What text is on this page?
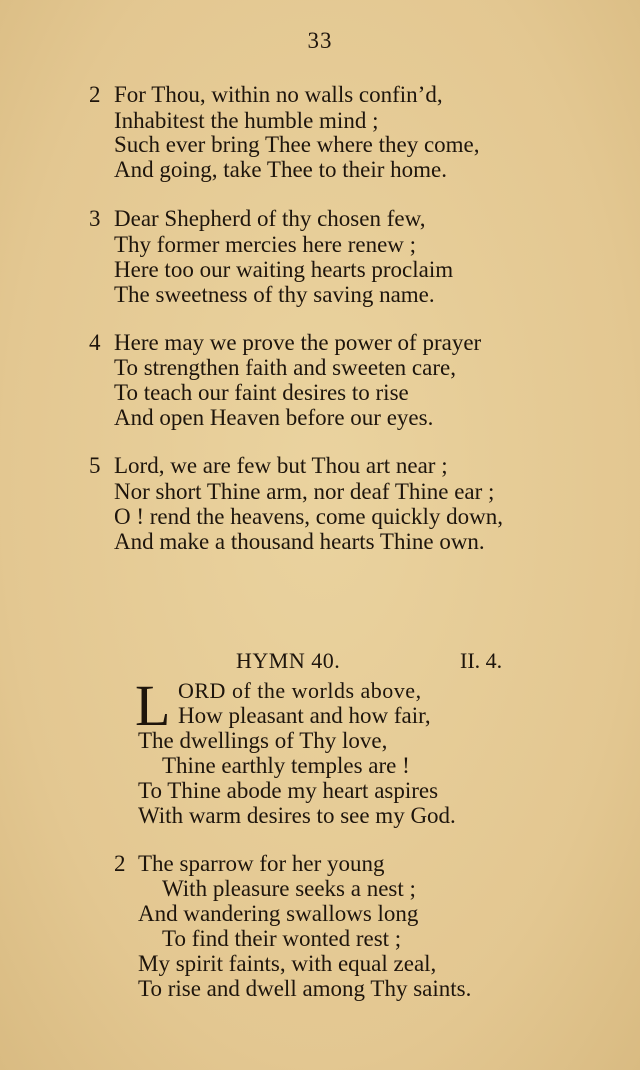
33
2 For Thou, within no walls confin’d,
Inhabitest the humble mind ;
Such ever bring Thee where they come,
And going, take Thee to their home.
3 Dear Shepherd of thy chosen few,
Thy former mercies here renew ;
Here too our waiting hearts proclaim
The sweetness of thy saving name.
4 Here may we prove the power of prayer
To strengthen faith and sweeten care,
To teach our faint desires to rise
And open Heaven before our eyes.
5 Lord, we are few but Thou art near ;
Nor short Thine arm, nor deaf Thine ear ;
O ! rend the heavens, come quickly down,
And make a thousand hearts Thine own.
HYMN 40.	II. 4.
L ORD of the worlds above,
How pleasant and how fair,
The dwellings of Thy love,
Thine earthly temples are !
To Thine abode my heart aspires
With warm desires to see my God.
2 The sparrow for her young
With pleasure seeks a nest ;
And wandering swallows long
To find their wonted rest ;
My spirit faints, with equal zeal,
To rise and dwell among Thy saints.
